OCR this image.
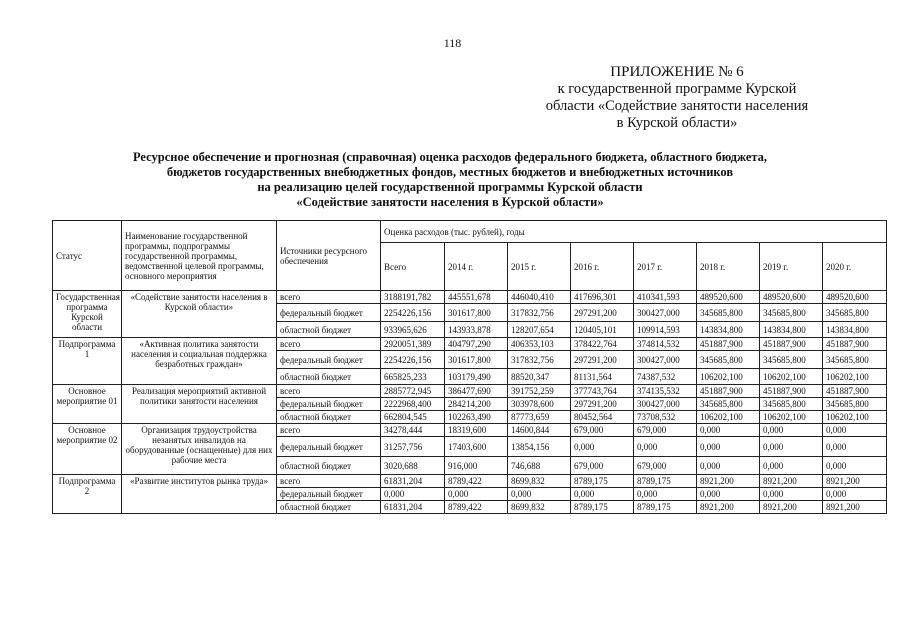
118
ПРИЛОЖЕНИЕ № 6
к государственной программе Курской
области «Содействие занятости населения
в Курской области»
Ресурсное обеспечение и прогнозная (справочная) оценка расходов федерального бюджета, областного бюджета,
бюджетов государственных внебюджетных фондов, местных бюджетов и внебюджетных источников
на реализацию целей государственной программы Курской области
«Содействие занятости населения в Курской области»
Статус	Наименование государственной программы, подпрограммы государственной программы, ведомственной целевой программы, основного мероприятия	Источники ресурсного обеспечения	Оценка расходов (тыс. рублей), годы							
			Всего	2014 г.	2015 г.	2016 г.	2017 г.	2018 г.	2019 г.	2020 г.
Государственная программа Курской области	«Содействие занятости населения в Курской области»	всего	3188191,782	445551,678	446040,410	417696,301	410341,593	489520,600	489520,600	489520,600
		федеральный бюджет	2254226,156	301617,800	317832,756	297291,200	300427,000	345685,800	345685,800	345685,800
		областной бюджет	933965,626	143933,878	128207,654	120405,101	109914,593	143834,800	143834,800	143834,800
Подпрограмма 1	«Активная политика занятости населения и социальная поддержка безработных граждан»	всего	2920051,389	404797,290	406353,103	378422,764	374814,532	451887,900	451887,900	451887,900
		федеральный бюджет	2254226,156	301617,800	317832,756	297291,200	300427,000	345685,800	345685,800	345685,800
		областной бюджет	665825,233	103179,490	88520,347	81131,564	74387,532	106202,100	106202,100	106202,100
Основное мероприятие 01	Реализация мероприятий активной политики занятости населения	всего	2885772,945	386477,690	391752,259	377743,764	374135,532	451887,900	451887,900	451887,900
		федеральный бюджет	2222968,400	284214,200	303978,600	297291,200	300427,000	345685,800	345685,800	345685,800
		областной бюджет	662804,545	102263,490	87773,659	80452,564	73708,532	106202,100	106202,100	106202,100
Основное мероприятие 02	Организация трудоустройства незанятых инвалидов на оборудованные (оснащенные) для них рабочие места	всего	34278,444	18319,600	14600,844	679,000	679,000	0,000	0,000	0,000
		федеральный бюджет	31257,756	17403,600	13854,156	0,000	0,000	0,000	0,000	0,000
		областной бюджет	3020,688	916,000	746,688	679,000	679,000	0,000	0,000	0,000
Подпрограмма 2	«Развитие институтов рынка труда»	всего	61831,204	8789,422	8699,832	8789,175	8789,175	8921,200	8921,200	8921,200
		федеральный бюджет	0,000	0,000	0,000	0,000	0,000	0,000	0,000	0,000
		областной бюджет	61831,204	8789,422	8699,832	8789,175	8789,175	8921,200	8921,200	8921,200
